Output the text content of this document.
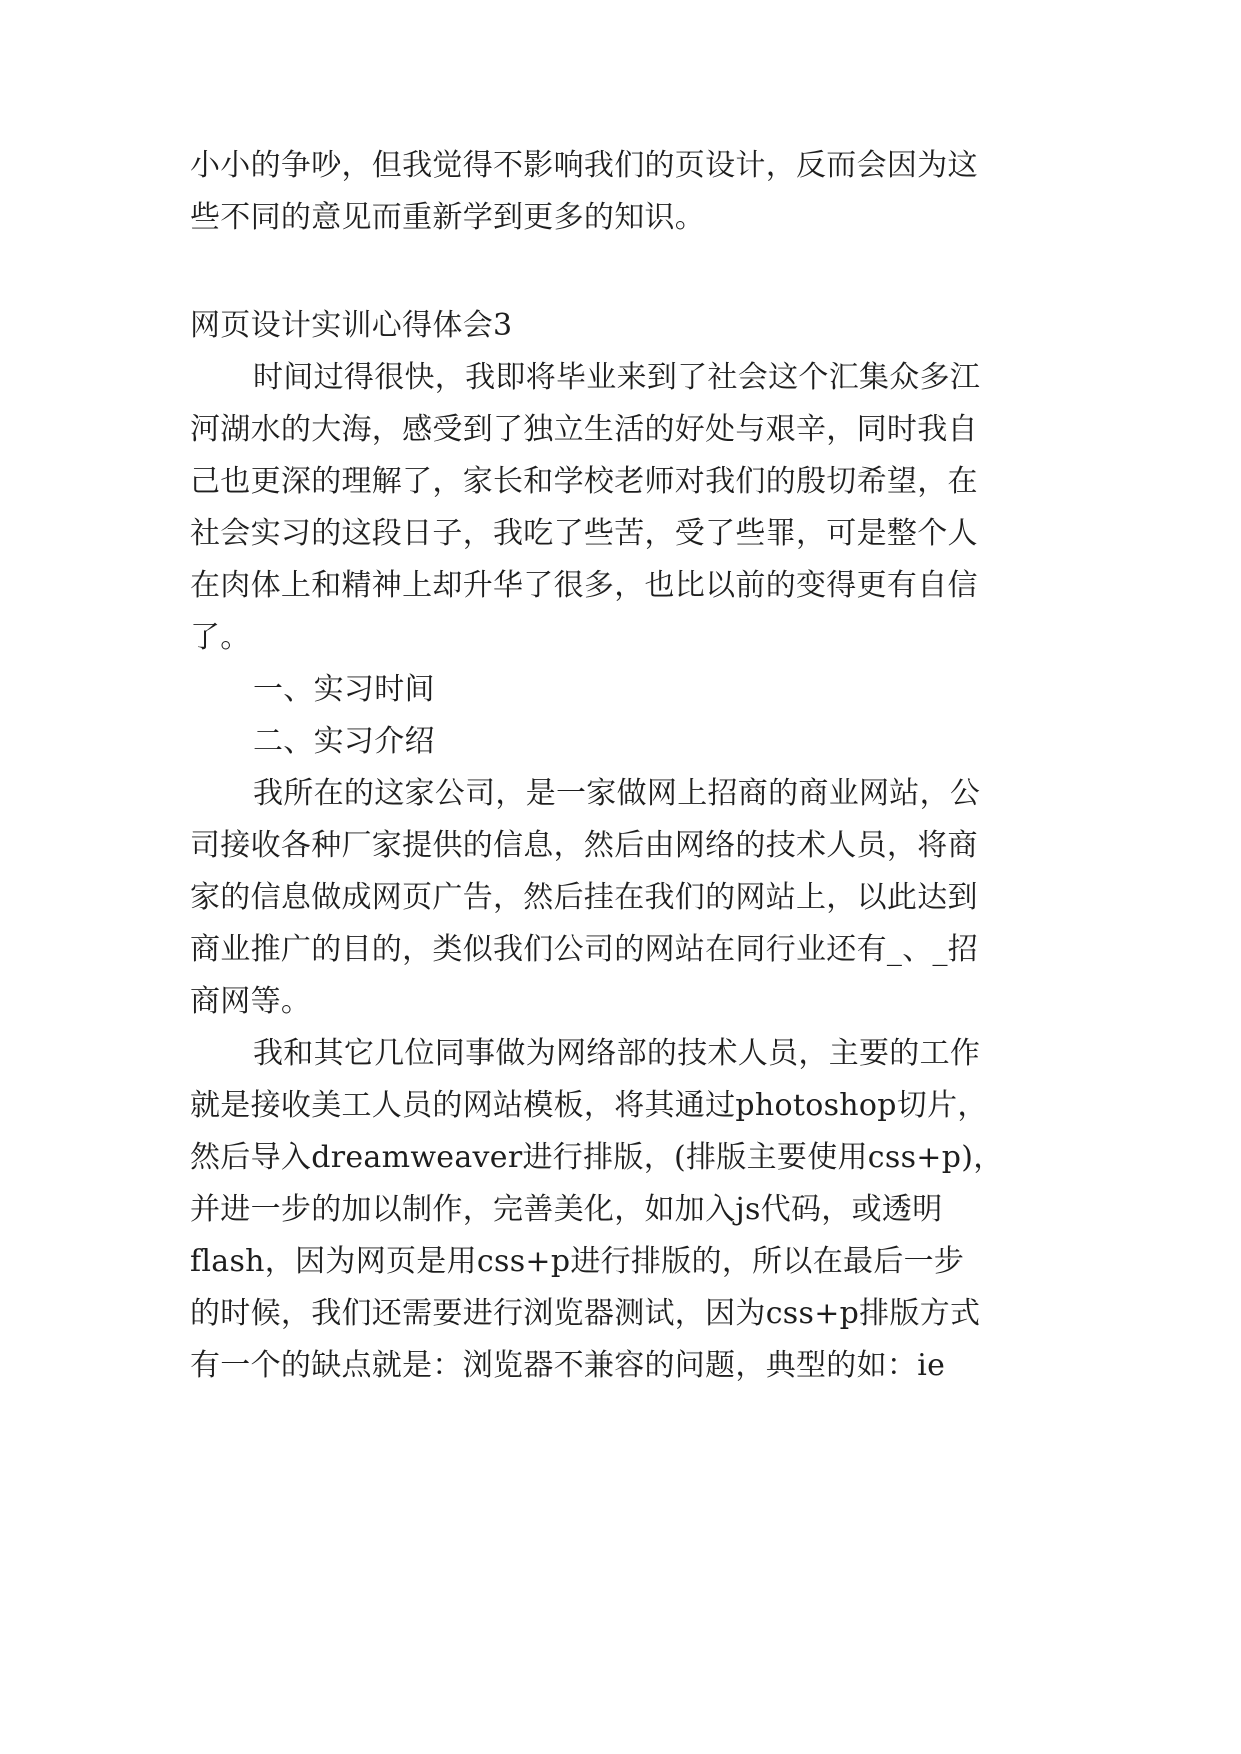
小小的争吵，但我觉得不影响我们的页设计，反而会因为这

些不同的意见而重新学到更多的知识。

网页设计实训心得体会3

时间过得很快，我即将毕业来到了社会这个汇集众多江

河湖水的大海，感受到了独立生活的好处与艰辛，同时我自

己也更深的理解了，家长和学校老师对我们的殷切希望，在

社会实习的这段日子，我吃了些苦，受了些罪，可是整个人

在肉体上和精神上却升华了很多，也比以前的变得更有自信

了。

一、实习时间

二、实习介绍

我所在的这家公司，是一家做网上招商的商业网站，公

司接收各种厂家提供的信息，然后由网络的技术人员，将商

家的信息做成网页广告，然后挂在我们的网站上，以此达到

商业推广的目的，类似我们公司的网站在同行业还有_、_招

商网等。

我和其它几位同事做为网络部的技术人员，主要的工作

就是接收美工人员的网站模板，将其通过photoshop切片，

然后导入dreamweaver进行排版，(排版主要使用css+p)，

并进一步的加以制作，完善美化，如加入js代码，或透明

flash，因为网页是用css+p进行排版的，所以在最后一步

的时候，我们还需要进行浏览器测试，因为css+p排版方式

有一个的缺点就是：浏览器不兼容的问题，典型的如：ie
